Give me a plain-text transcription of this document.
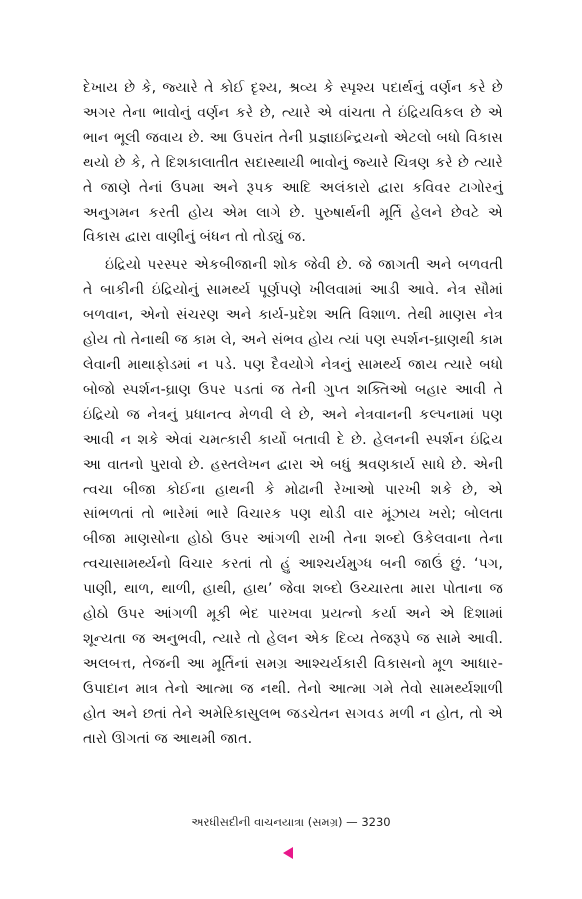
દેખાય છે કે, જ્યારે તે કોઈ દૃશ્ય, શ્રવ્ય કે સ્પૃશ્ય પદાર્થનું વર્ણન કરે છે અગર તેના ભાવોનું વર્ણન કરે છે, ત્યારે એ વાંચતા તે ઇંદ્રિયવિકલ છે એ ભાન ભૂલી જવાય છે. આ ઉપરાંત તેની પ્રજ્ઞાઇન્દ્રિયનો એટલો બધો વિકાસ થયો છે કે, તે દિશકાલાતીત સદાસ્થાયી ભાવોનું જ્યારે ચિત્રણ કરે છે ત્યારે તે જાણે તેનાં ઉપમા અને રૂપક આદિ અલંકારો દ્વારા કવિવર ટાગોરનું અનુગમન કરતી હોય એમ લાગે છે. પુરુષાર્થની મૂર્તિ હેલને છેવટે એ વિકાસ દ્વારા વાણીનું બંધન તો તોડ્યું જ.

ઇંદ્રિયો પરસ્પર એકબીજાની શોક જેવી છે. જે જાગતી અને બળવતી તે બાકીની ઇંદ્રિયોનું સામર્થ્ય પૂર્ણપણે ખીલવામાં આડી આવે. નેત્ર સૌમાં બળવાન, એનો સંચરણ અને કાર્ય-પ્રદેશ અતિ વિશાળ. તેથી માણસ નેત્ર હોય તો તેનાથી જ કામ લે, અને સંભવ હોય ત્યાં પણ સ્પર્શન-ઘ્રાણથી કામ લેવાની માથાફોડમાં ન પડે. પણ દૈવયોગે નેત્રનું સામર્થ્ય જાય ત્યારે બધો બોજો સ્પર્શન-ઘ્રાણ ઉપર પડતાં જ તેની ગુપ્ત શક્તિઓ બહાર આવી તે ઇંદ્રિયો જ નેત્રનું પ્રધાનત્વ મેળવી લે છે, અને નેત્રવાનની કલ્પનામાં પણ આવી ન શકે એવાં ચમત્કારી કાર્યો બતાવી દે છે. હેલનની સ્પર્શન ઇંદ્રિય આ વાતનો પુરાવો છે. હસ્તલેખન દ્વારા એ બધું શ્રવણકાર્ય સાધે છે. એની ત્વચા બીજા કોઈના હાથની કે મોઢાની રેખાઓ પારખી શકે છે, એ સાંભળતાં તો ભારેમાં ભારે વિચારક પણ થોડી વાર મૂંઝાય ખરો; બોલતા બીજા માણસોના હોઠો ઉપર આંગળી રાખી તેના શબ્દો ઉકેલવાના તેના ત્વચાસામર્થ્યનો વિચાર કરતાં તો હું આશ્ચર્યમુગ્ધ બની જાઉં છું. ‘પગ, પાણી, થાળ, થાળી, હાથી, હાથ’ જેવા શબ્દો ઉચ્ચારતા મારા પોતાના જ હોઠો ઉપર આંગળી મૂકી ભેદ પારખવા પ્રયત્નો કર્યા અને એ દિશામાં શૂન્યતા જ અનુભવી, ત્યારે તો હેલન એક દિવ્ય તેજરૂપે જ સામે આવી. અલબત્ત, તેજની આ મૂર્તિનાં સમગ્ર આશ્ચર્યકારી વિકાસનો મૂળ આધાર-ઉપાદાન માત્ર તેનો આત્મા જ નથી. તેનો આત્મા ગમે તેવો સામર્થ્યશાળી હોત અને છતાં તેને અમેરિકાસુલભ જડચેતન સગવડ મળી ન હોત, તો એ તારો ઊગતાં જ આથમી જાત.

અરધીસદીની વાચનયાત્રા (સમગ્ર) — 3230
